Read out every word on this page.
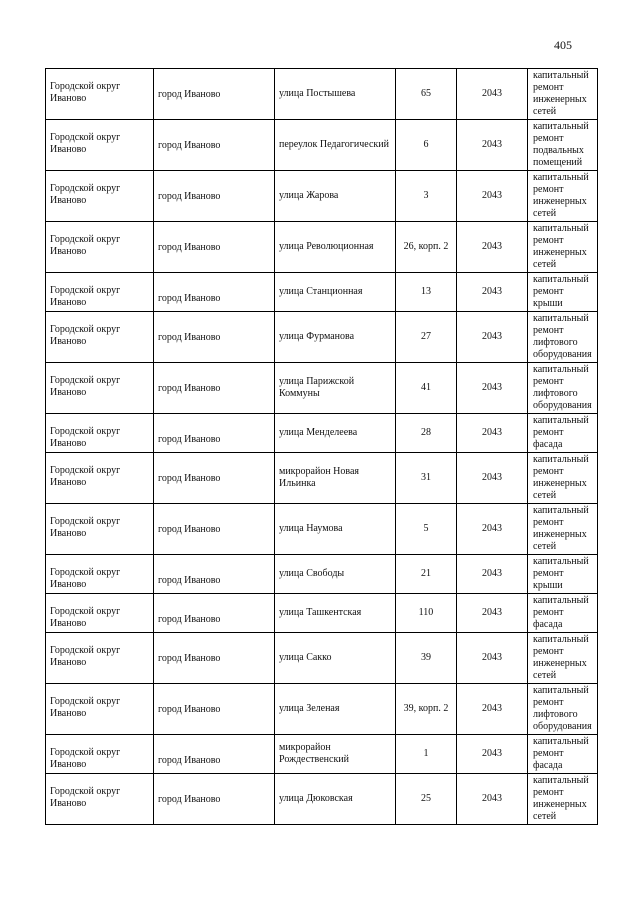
405
Городской округ Иваново	город Иваново	улица Постышева	65	2043	капитальный ремонт инженерных сетей
Городской округ Иваново	город Иваново	переулок Педагогический	6	2043	капитальный ремонт подвальных помещений
Городской округ Иваново	город Иваново	улица Жарова	3	2043	капитальный ремонт инженерных сетей
Городской округ Иваново	город Иваново	улица Революционная	26, корп. 2	2043	капитальный ремонт инженерных сетей
Городской округ Иваново	город Иваново	улица Станционная	13	2043	капитальный ремонт крыши
Городской округ Иваново	город Иваново	улица Фурманова	27	2043	капитальный ремонт лифтового оборудования
Городской округ Иваново	город Иваново	улица Парижской Коммуны	41	2043	капитальный ремонт лифтового оборудования
Городской округ Иваново	город Иваново	улица Менделеева	28	2043	капитальный ремонт фасада
Городской округ Иваново	город Иваново	микрорайон Новая Ильинка	31	2043	капитальный ремонт инженерных сетей
Городской округ Иваново	город Иваново	улица Наумова	5	2043	капитальный ремонт инженерных сетей
Городской округ Иваново	город Иваново	улица Свободы	21	2043	капитальный ремонт крыши
Городской округ Иваново	город Иваново	улица Ташкентская	110	2043	капитальный ремонт фасада
Городской округ Иваново	город Иваново	улица Сакко	39	2043	капитальный ремонт инженерных сетей
Городской округ Иваново	город Иваново	улица Зеленая	39, корп. 2	2043	капитальный ремонт лифтового оборудования
Городской округ Иваново	город Иваново	микрорайон Рождественский	1	2043	капитальный ремонт фасада
Городской округ Иваново	город Иваново	улица Дюковская	25	2043	капитальный ремонт инженерных сетей
